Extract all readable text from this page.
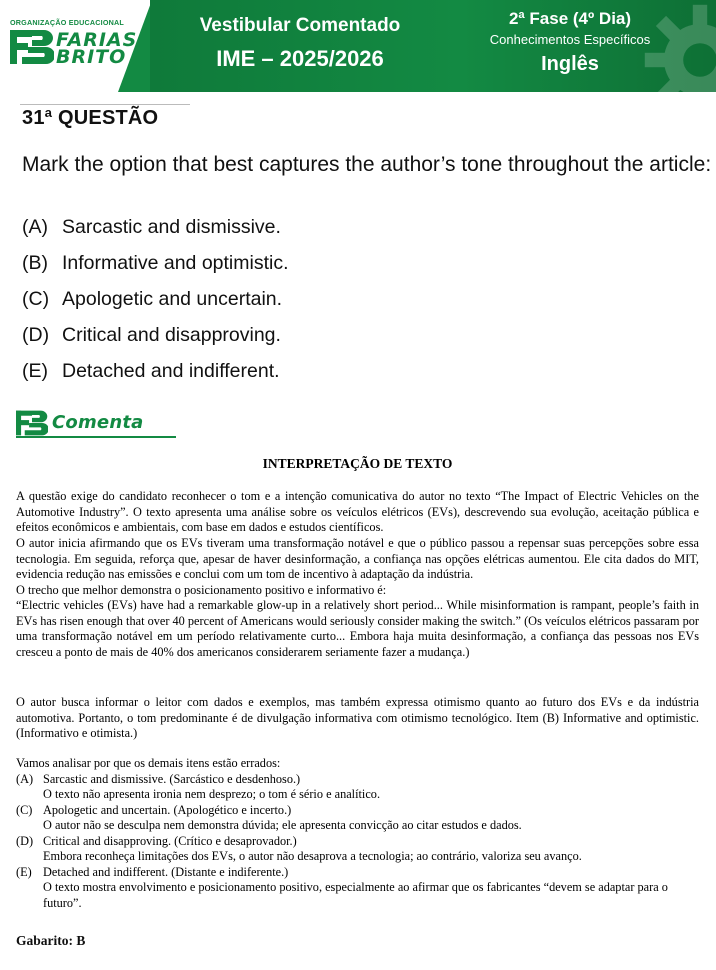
ORGANIZAÇÃO EDUCACIONAL
FARIAS
BRITO
Vestibular Comentado
IME – 2025/2026
2ª Fase (4º Dia)
Conhecimentos Específicos
Inglês
31ª QUESTÃO
Mark the option that best captures the author’s tone throughout the article:
(A) Sarcastic and dismissive.
(B) Informative and optimistic.
(C) Apologetic and uncertain.
(D) Critical and disapproving.
(E) Detached and indifferent.
Comenta
INTERPRETAÇÃO DE TEXTO

A questão exige do candidato reconhecer o tom e a intenção comunicativa do autor no texto “The Impact of Electric Vehicles on the Automotive Industry”. O texto apresenta uma análise sobre os veículos elétricos (EVs), descrevendo sua evolução, aceitação pública e efeitos econômicos e ambientais, com base em dados e estudos científicos.

O autor inicia afirmando que os EVs tiveram uma transformação notável e que o público passou a repensar suas percepções sobre essa tecnologia. Em seguida, reforça que, apesar de haver desinformação, a confiança nas opções elétricas aumentou. Ele cita dados do MIT, evidencia redução nas emissões e conclui com um tom de incentivo à adaptação da indústria.

O trecho que melhor demonstra o posicionamento positivo e informativo é:

“Electric vehicles (EVs) have had a remarkable glow-up in a relatively short period... While misinformation is rampant, people’s faith in EVs has risen enough that over 40 percent of Americans would seriously consider making the switch.” (Os veículos elétricos passaram por uma transformação notável em um período relativamente curto... Embora haja muita desinformação, a confiança das pessoas nos EVs cresceu a ponto de mais de 40% dos americanos considerarem seriamente fazer a mudança.)

O autor busca informar o leitor com dados e exemplos, mas também expressa otimismo quanto ao futuro dos EVs e da indústria automotiva. Portanto, o tom predominante é de divulgação informativa com otimismo tecnológico. Item (B) Informative and optimistic. (Informativo e otimista.)

Vamos analisar por que os demais itens estão errados:
(A) Sarcastic and dismissive. (Sarcástico e desdenhoso.)
O texto não apresenta ironia nem desprezo; o tom é sério e analítico.
(C) Apologetic and uncertain. (Apologético e incerto.)
O autor não se desculpa nem demonstra dúvida; ele apresenta convicção ao citar estudos e dados.
(D) Critical and disapproving. (Crítico e desaprovador.)
Embora reconheça limitações dos EVs, o autor não desaprova a tecnologia; ao contrário, valoriza seu avanço.
(E) Detached and indifferent. (Distante e indiferente.)
O texto mostra envolvimento e posicionamento positivo, especialmente ao afirmar que os fabricantes “devem se adaptar para o futuro”.
Gabarito: B
